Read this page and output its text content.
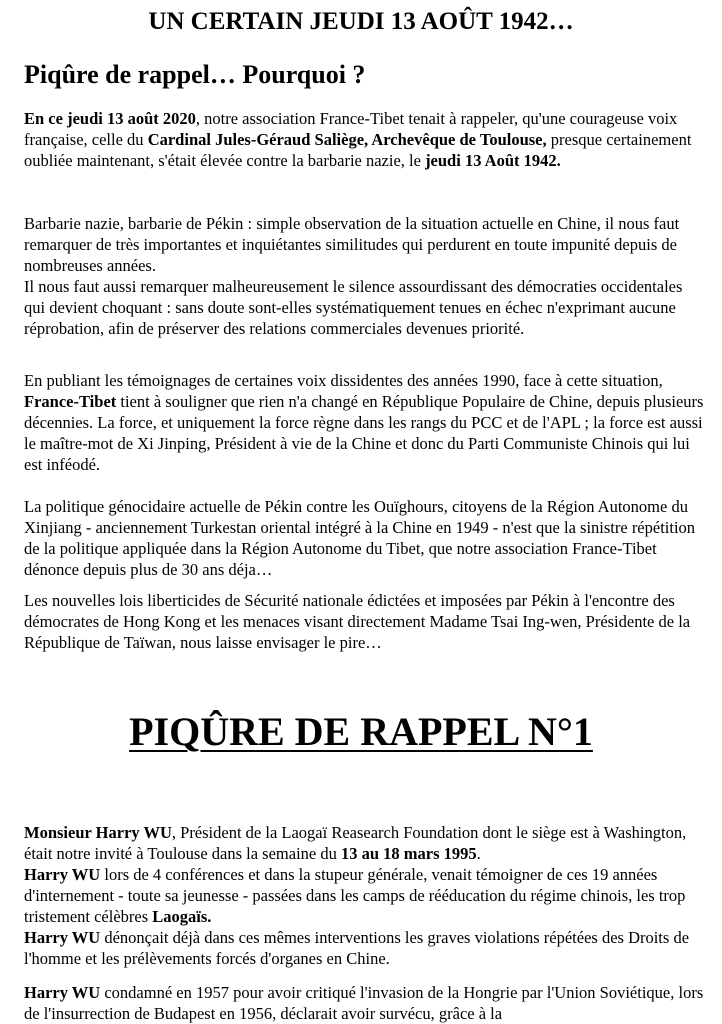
UN CERTAIN JEUDI 13 AOÛT 1942…
Piqûre de rappel… Pourquoi ?

En ce jeudi 13 août 2020, notre association France-Tibet tenait à rappeler, qu'une courageuse voix française, celle du Cardinal Jules-Géraud Saliège, Archevêque de Toulouse, presque certainement oubliée maintenant, s'était élevée contre la barbarie nazie, le jeudi 13 Août 1942.

Barbarie nazie, barbarie de Pékin : simple observation de la situation actuelle en Chine, il nous faut remarquer de très importantes et inquiétantes similitudes qui perdurent en toute impunité depuis de nombreuses années.

Il nous faut aussi remarquer malheureusement le silence assourdissant des démocraties occidentales qui devient choquant : sans doute sont-elles systématiquement tenues en échec n'exprimant aucune réprobation, afin de préserver des relations commerciales devenues priorité.

En publiant les témoignages de certaines voix dissidentes des années 1990, face à cette situation, France-Tibet tient à souligner que rien n'a changé en République Populaire de Chine, depuis plusieurs décennies. La force, et uniquement la force règne dans les rangs du PCC et de l'APL ; la force est aussi le maître-mot de Xi Jinping, Président à vie de la Chine et donc du Parti Communiste Chinois qui lui est inféodé.

La politique génocidaire actuelle de Pékin contre les Ouïghours, citoyens de la Région Autonome du Xinjiang - anciennement Turkestan oriental intégré à la Chine en 1949 - n'est que la sinistre répétition de la politique appliquée dans la Région Autonome du Tibet, que notre association France-Tibet dénonce depuis plus de 30 ans déja…

Les nouvelles lois liberticides de Sécurité nationale édictées et imposées par Pékin à l'encontre des démocrates de Hong Kong et les menaces visant directement Madame Tsai Ing-wen, Présidente de la République de Taïwan, nous laisse envisager le pire…

PIQÛRE DE RAPPEL N°1

Monsieur Harry WU, Président de la Laogaï Reasearch Foundation dont le siège est à Washington, était notre invité à Toulouse dans la semaine du 13 au 18 mars 1995.

Harry WU lors de 4 conférences et dans la stupeur générale, venait témoigner de ces 19 années d'internement - toute sa jeunesse - passées dans les camps de rééducation du régime chinois, les trop tristement célèbres Laogaïs.

Harry WU dénonçait déjà dans ces mêmes interventions les graves violations répétées des Droits de l'homme et les prélèvements forcés d'organes en Chine.

Harry WU condamné en 1957 pour avoir critiqué l'invasion de la Hongrie par l'Union Soviétique, lors de l'insurrection de Budapest en 1956, déclarait avoir survécu, grâce à la
